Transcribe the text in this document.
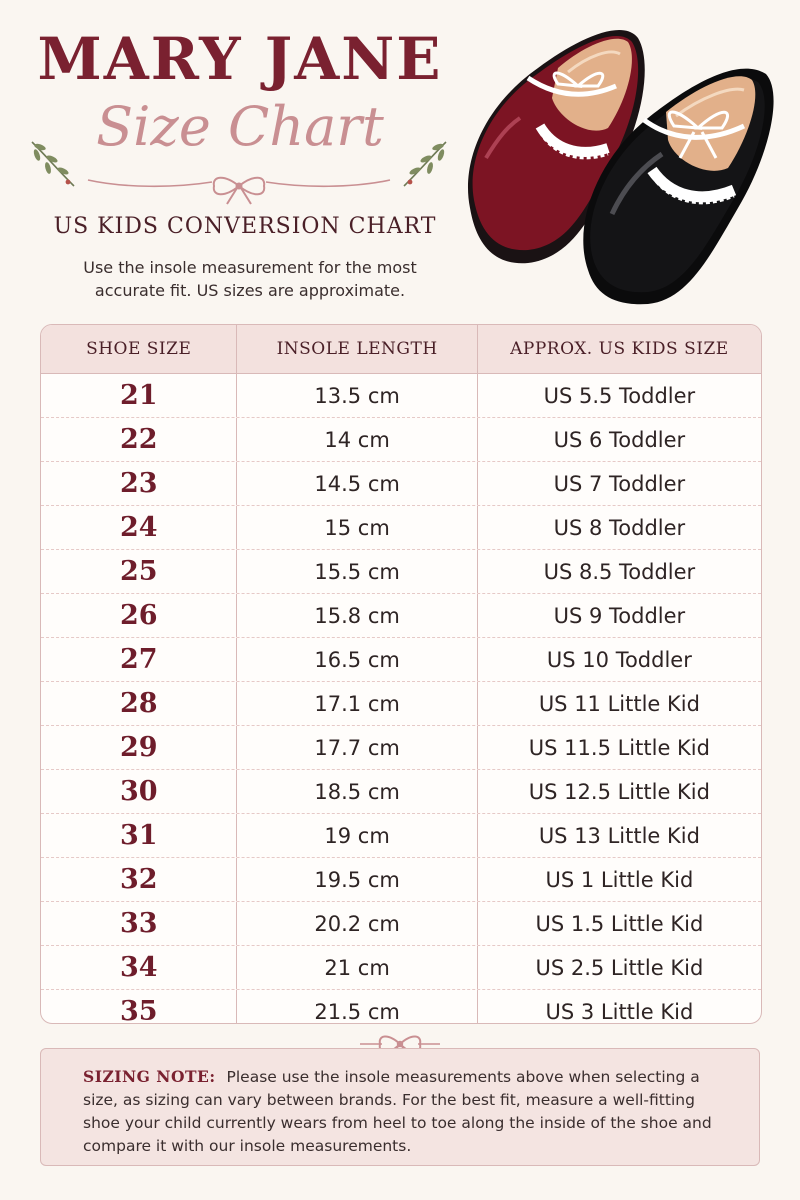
MARY JANE
Size Chart
US KIDS CONVERSION CHART
Use the insole measurement for the most
accurate fit. US sizes are approximate.
SHOE SIZE	INSOLE LENGTH	APPROX. US KIDS SIZE
21	13.5 cm	US 5.5 Toddler
22	14 cm	US 6 Toddler
23	14.5 cm	US 7 Toddler
24	15 cm	US 8 Toddler
25	15.5 cm	US 8.5 Toddler
26	15.8 cm	US 9 Toddler
27	16.5 cm	US 10 Toddler
28	17.1 cm	US 11 Little Kid
29	17.7 cm	US 11.5 Little Kid
30	18.5 cm	US 12.5 Little Kid
31	19 cm	US 13 Little Kid
32	19.5 cm	US 1 Little Kid
33	20.2 cm	US 1.5 Little Kid
34	21 cm	US 2.5 Little Kid
35	21.5 cm	US 3 Little Kid
SIZING NOTE: Please use the insole measurements above when selecting a size, as sizing can vary between brands. For the best fit, measure a well-fitting shoe your child currently wears from heel to toe along the inside of the shoe and compare it with our insole measurements.
